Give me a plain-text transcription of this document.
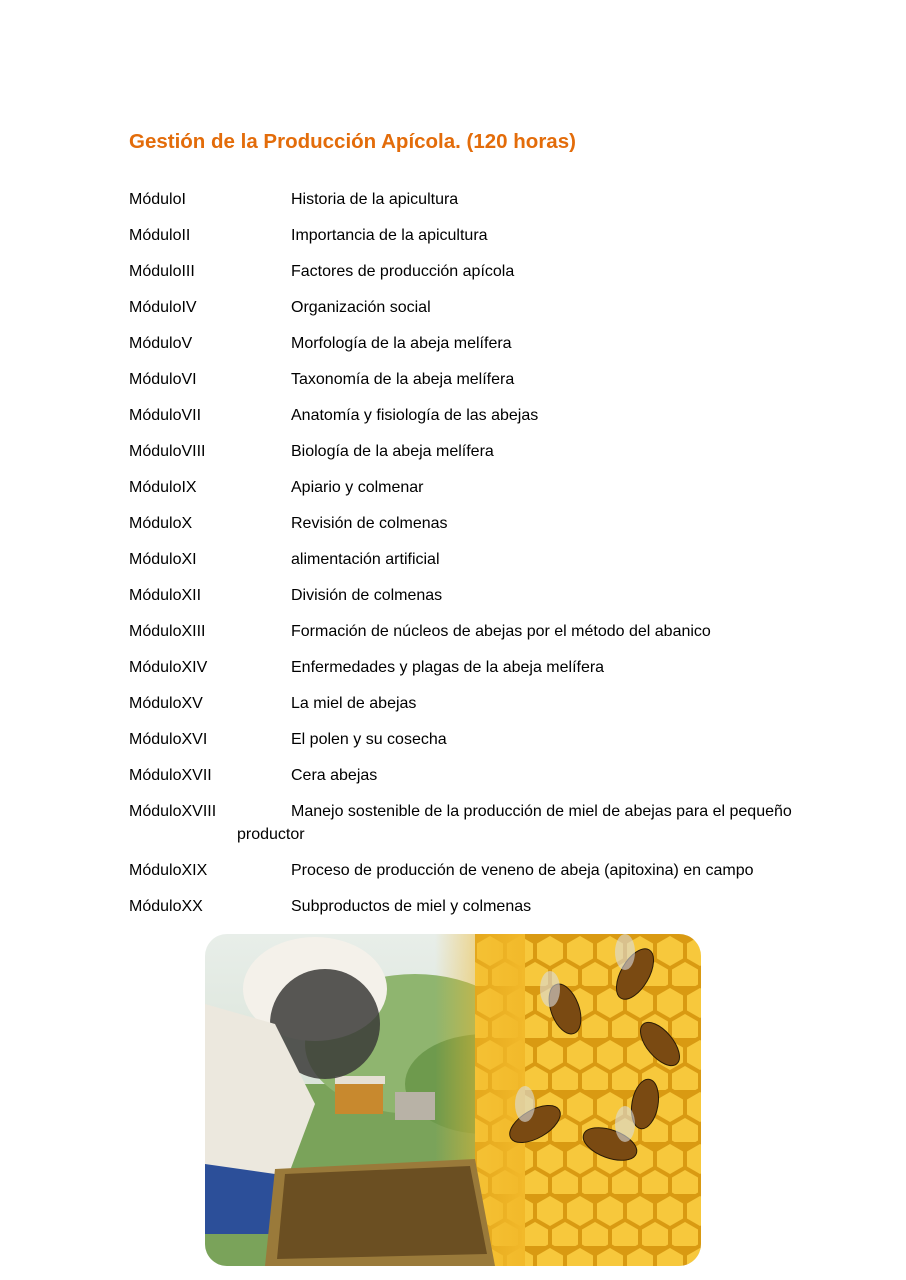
Gestión de la Producción Apícola. (120 horas)
MóduloI	Historia de la apicultura
MóduloII	Importancia de la apicultura
MóduloIII	Factores de producción apícola
MóduloIV	Organización social
MóduloV	Morfología de la abeja melífera
MóduloVI	Taxonomía de la abeja melífera
MóduloVII	Anatomía y fisiología de las abejas
MóduloVIII	Biología de la abeja melífera
MóduloIX	Apiario y colmenar
MóduloX	Revisión de colmenas
MóduloXI	alimentación artificial
MóduloXII	División de colmenas
MóduloXIII	Formación de núcleos de abejas por el método del abanico
MóduloXIV	Enfermedades y plagas de la abeja melífera
MóduloXV	La miel de abejas
MóduloXVI	El polen y su cosecha
MóduloXVII	Cera abejas
MóduloXVIII	Manejo sostenible de la producción de miel de abejas para el pequeño
productor
MóduloXIX	Proceso de producción de veneno de abeja (apitoxina) en campo
MóduloXX	Subproductos de miel y colmenas
